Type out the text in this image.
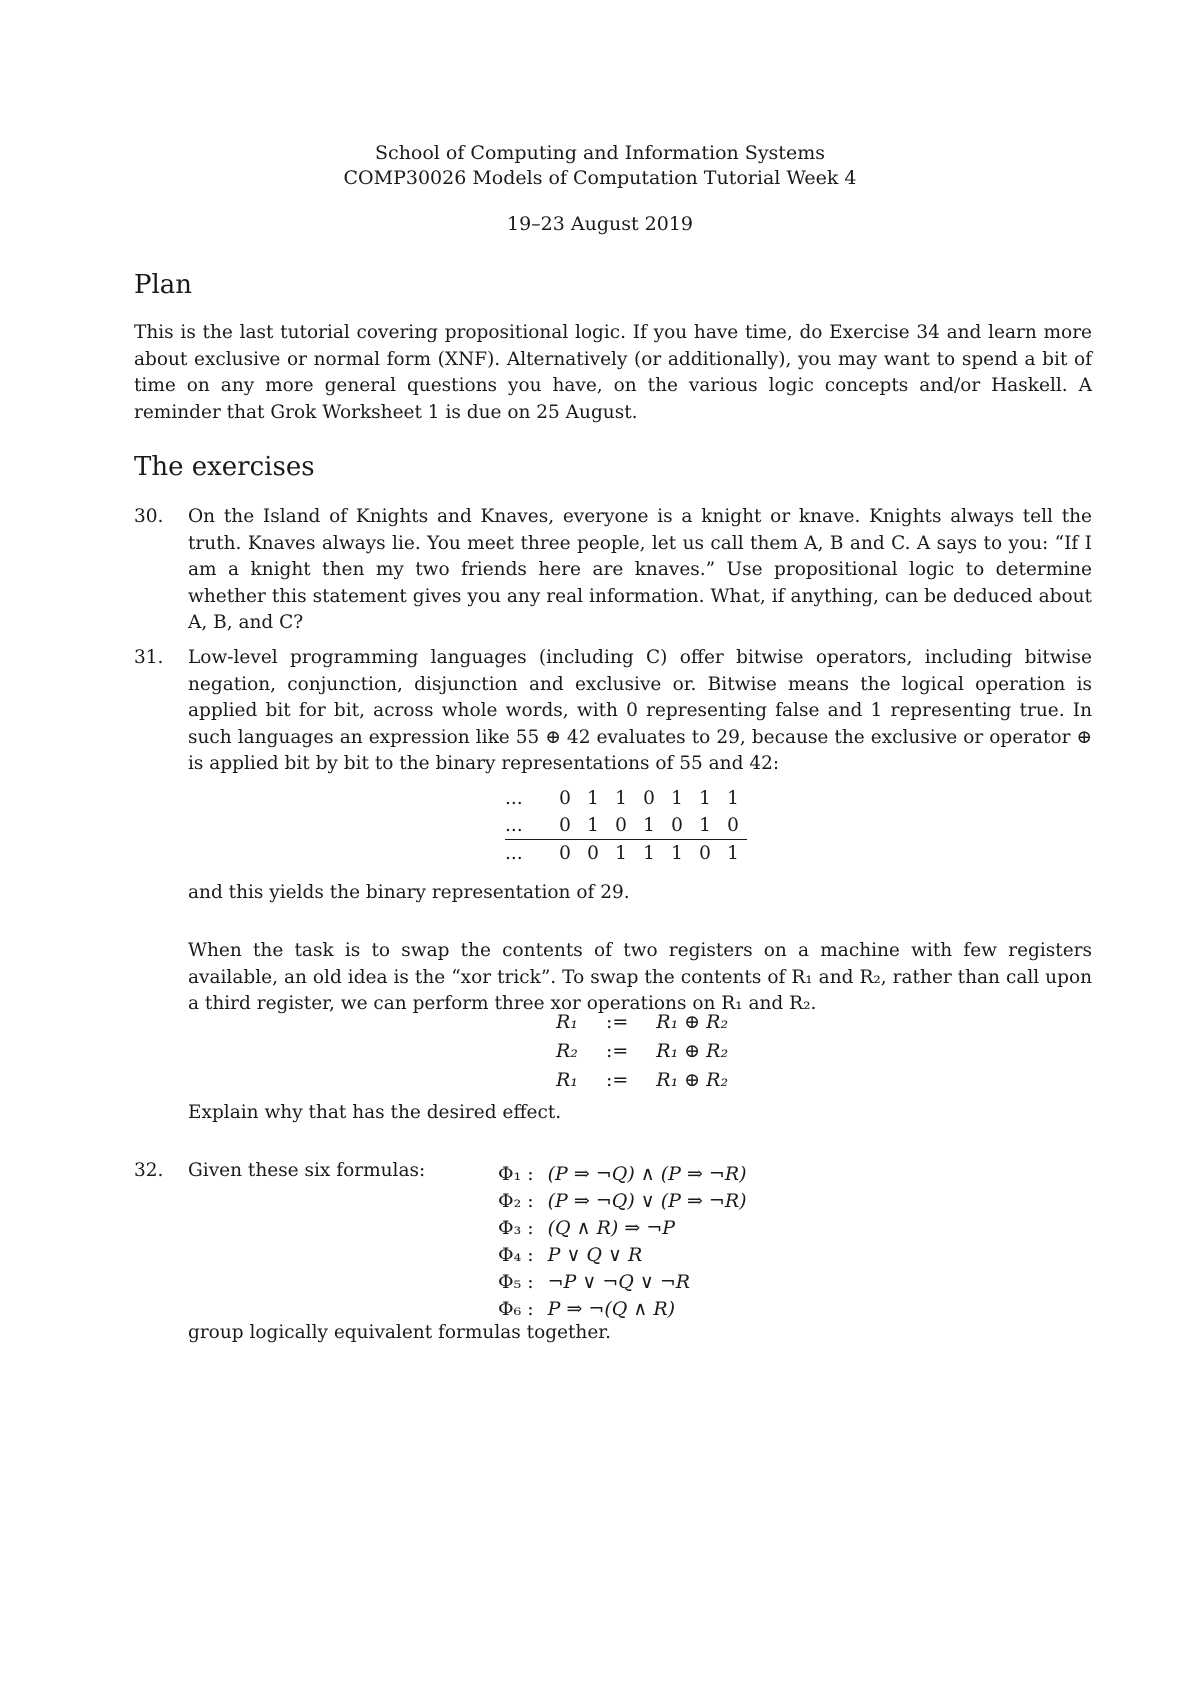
School of Computing and Information Systems
COMP30026 Models of Computation Tutorial Week 4
19–23 August 2019
Plan

This is the last tutorial covering propositional logic. If you have time, do Exercise 34 and learn more about exclusive or normal form (XNF). Alternatively (or additionally), you may want to spend a bit of time on any more general questions you have, on the various logic concepts and/or Haskell. A reminder that Grok Worksheet 1 is due on 25 August.

The exercises
30.	On the Island of Knights and Knaves, everyone is a knight or knave. Knights always tell the truth. Knaves always lie. You meet three people, let us call them A, B and C. A says to you: “If I am a knight then my two friends here are knaves.” Use propositional logic to determine whether this statement gives you any real information. What, if anything, can be deduced about A, B, and C?

31.	Low-level programming languages (including C) offer bitwise operators, including bitwise negation, conjunction, disjunction and exclusive or. Bitwise means the logical operation is applied bit for bit, across whole words, with 0 representing false and 1 representing true. In such languages an expression like 55 ⊕ 42 evaluates to 29, because the exclusive or operator ⊕ is applied bit by bit to the binary representations of 55 and 42:

...	0	1	1	0	1	1	1
...	0	1	0	1	0	1	0
...	0	0	1	1	1	0	1

and this yields the binary representation of 29.

When the task is to swap the contents of two registers on a machine with few registers available, an old idea is the “xor trick”. To swap the contents of R₁ and R₂, rather than call upon a third register, we can perform three xor operations on R₁ and R₂.

R₁	:=	R₁ ⊕ R₂
R₂	:=	R₁ ⊕ R₂
R₁	:=	R₁ ⊕ R₂

Explain why that has the desired effect.

32.	Given these six formulas:	Φ₁ :	(P ⇒ ¬Q) ∧ (P ⇒ ¬R)
Φ₂ :	(P ⇒ ¬Q) ∨ (P ⇒ ¬R)
Φ₃ :	(Q ∧ R) ⇒ ¬P
Φ₄ :	P ∨ Q ∨ R
Φ₅ :	¬P ∨ ¬Q ∨ ¬R
Φ₆ :	P ⇒ ¬(Q ∧ R)

group logically equivalent formulas together.
